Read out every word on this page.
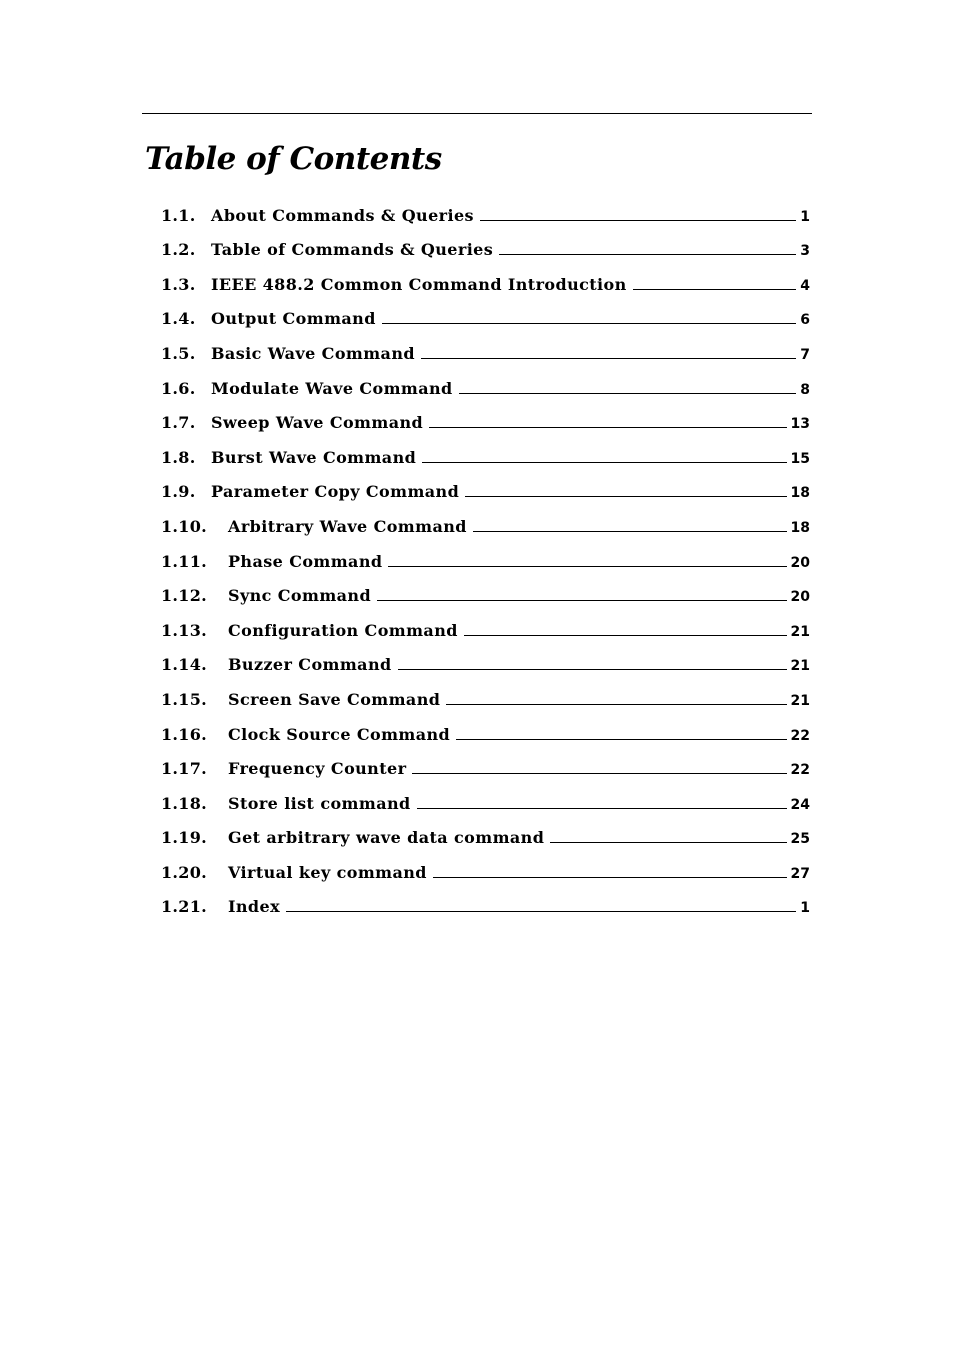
Table of Contents
1.1. About Commands & Queries	1
1.2. Table of Commands & Queries	3
1.3. IEEE 488.2 Common Command Introduction	4
1.4. Output Command	6
1.5. Basic Wave Command	7
1.6. Modulate Wave Command	8
1.7. Sweep Wave Command	13
1.8. Burst Wave Command	15
1.9. Parameter Copy Command	18
1.10.	Arbitrary Wave Command	18
1.11.	Phase Command	20
1.12.	Sync Command	20
1.13.	Configuration Command	21
1.14.	Buzzer Command	21
1.15.	Screen Save Command	21
1.16.	Clock Source Command	22
1.17.	Frequency Counter	22
1.18.	Store list command	24
1.19.	Get arbitrary wave data command	25
1.20.	Virtual key command	27
1.21.	Index	1
